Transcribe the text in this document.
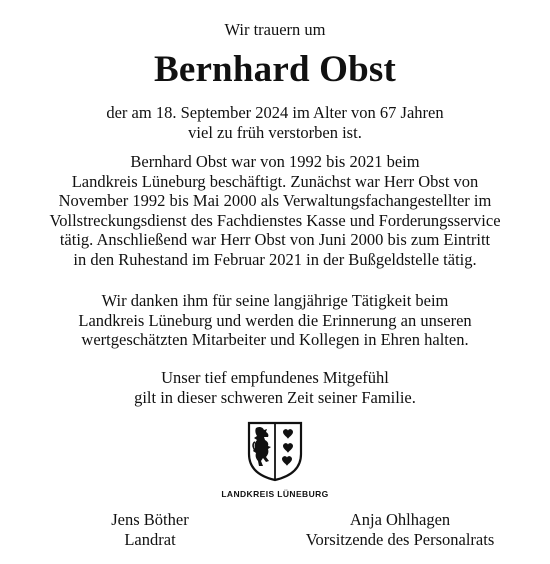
Wir trauern um
Bernhard Obst
der am 18. September 2024 im Alter von 67 Jahren
viel zu früh verstorben ist.
Bernhard Obst war von 1992 bis 2021 beim
Landkreis Lüneburg beschäftigt. Zunächst war Herr Obst von
November 1992 bis Mai 2000 als Verwaltungsfachangestellter im
Vollstreckungsdienst des Fachdienstes Kasse und Forderungsservice
tätig. Anschließend war Herr Obst von Juni 2000 bis zum Eintritt
in den Ruhestand im Februar 2021 in der Bußgeldstelle tätig.
Wir danken ihm für seine langjährige Tätigkeit beim
Landkreis Lüneburg und werden die Erinnerung an unseren
wertgeschätzten Mitarbeiter und Kollegen in Ehren halten.
Unser tief empfundenes Mitgefühl
gilt in dieser schweren Zeit seiner Familie.
LANDKREIS LÜNEBURG
Jens Böther
Landrat
Anja Ohlhagen
Vorsitzende des Personalrats
